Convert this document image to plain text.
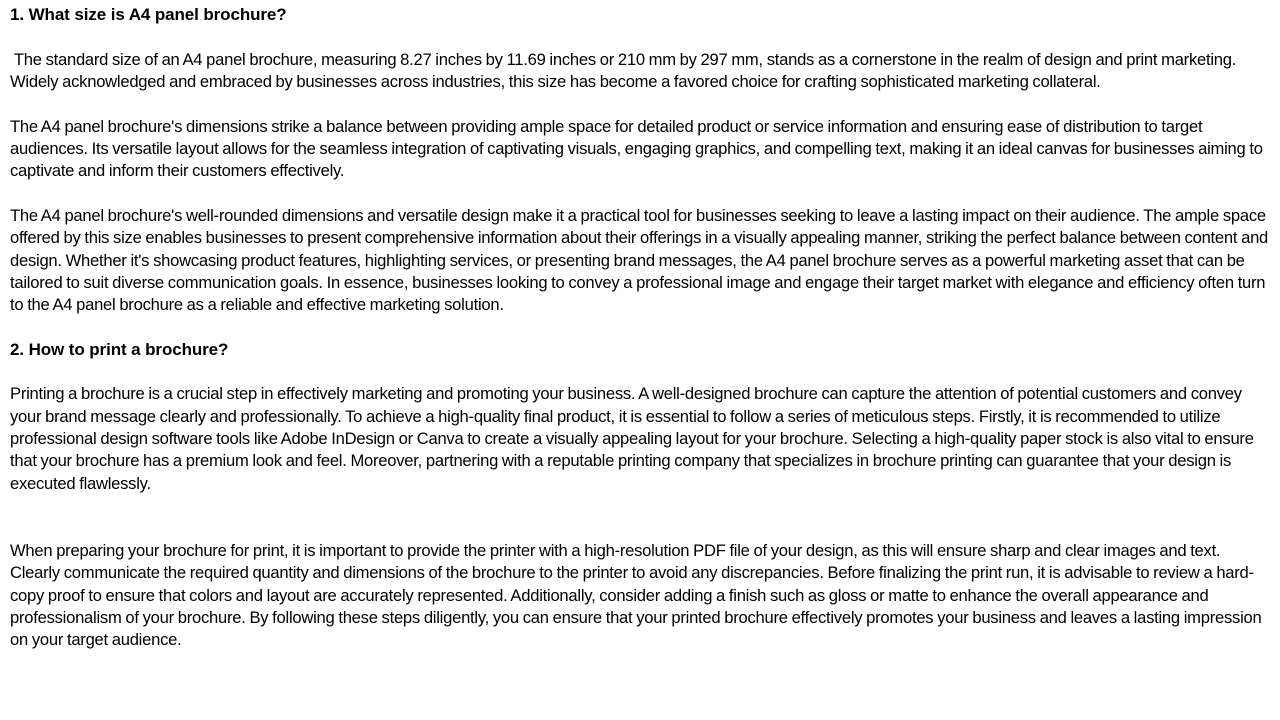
1. What size is A4 panel brochure?

The standard size of an A4 panel brochure, measuring 8.27 inches by 11.69 inches or 210 mm by 297 mm, stands as a cornerstone in the realm of design and print marketing. Widely acknowledged and embraced by businesses across industries, this size has become a favored choice for crafting sophisticated marketing collateral.

The A4 panel brochure's dimensions strike a balance between providing ample space for detailed product or service information and ensuring ease of distribution to target audiences. Its versatile layout allows for the seamless integration of captivating visuals, engaging graphics, and compelling text, making it an ideal canvas for businesses aiming to captivate and inform their customers effectively.

The A4 panel brochure's well-rounded dimensions and versatile design make it a practical tool for businesses seeking to leave a lasting impact on their audience. The ample space offered by this size enables businesses to present comprehensive information about their offerings in a visually appealing manner, striking the perfect balance between content and design. Whether it's showcasing product features, highlighting services, or presenting brand messages, the A4 panel brochure serves as a powerful marketing asset that can be tailored to suit diverse communication goals. In essence, businesses looking to convey a professional image and engage their target market with elegance and efficiency often turn to the A4 panel brochure as a reliable and effective marketing solution.

2. How to print a brochure?

Printing a brochure is a crucial step in effectively marketing and promoting your business. A well-designed brochure can capture the attention of potential customers and convey your brand message clearly and professionally. To achieve a high-quality final product, it is essential to follow a series of meticulous steps. Firstly, it is recommended to utilize professional design software tools like Adobe InDesign or Canva to create a visually appealing layout for your brochure. Selecting a high-quality paper stock is also vital to ensure that your brochure has a premium look and feel. Moreover, partnering with a reputable printing company that specializes in brochure printing can guarantee that your design is executed flawlessly.

When preparing your brochure for print, it is important to provide the printer with a high-resolution PDF file of your design, as this will ensure sharp and clear images and text. Clearly communicate the required quantity and dimensions of the brochure to the printer to avoid any discrepancies. Before finalizing the print run, it is advisable to review a hard-copy proof to ensure that colors and layout are accurately represented. Additionally, consider adding a finish such as gloss or matte to enhance the overall appearance and professionalism of your brochure. By following these steps diligently, you can ensure that your printed brochure effectively promotes your business and leaves a lasting impression on your target audience.
